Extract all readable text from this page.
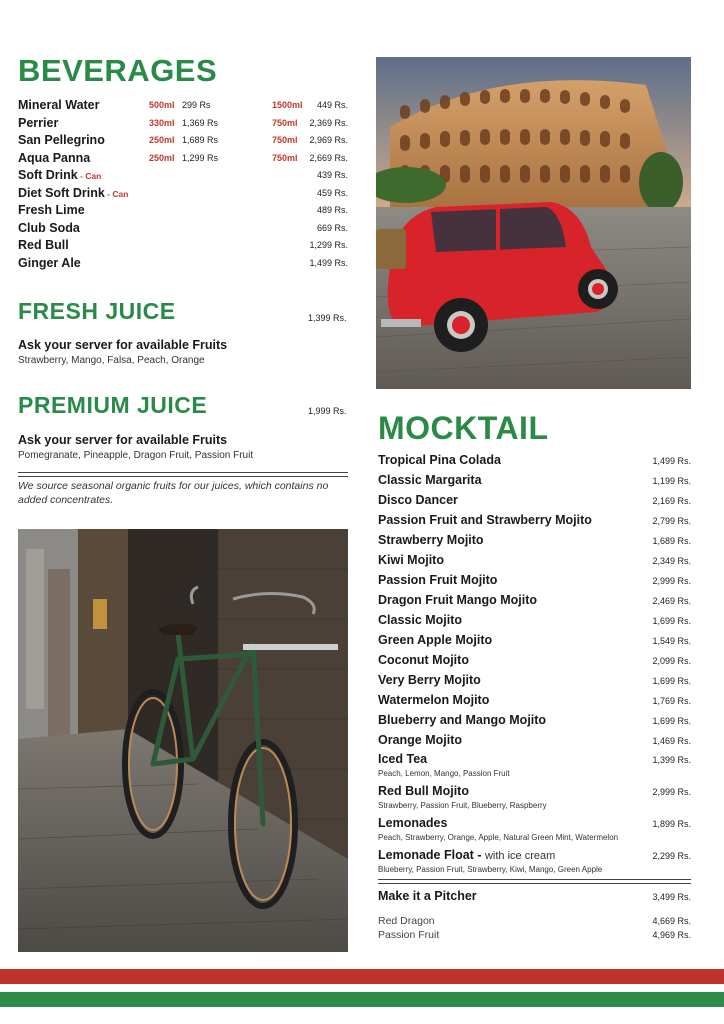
BEVERAGES
FRESH JUICE
PREMIUM JUICE
MOCKTAIL
Mineral Water	500ml 299 Rs	1500ml 449 Rs.
Perrier	330ml 1,369 Rs	750ml 2,369 Rs.
San Pellegrino	250ml 1,689 Rs	750ml 2,969 Rs.
Aqua Panna	250ml 1,299 Rs	750ml 2,669 Rs.
Soft Drink - Can	439 Rs.
Diet Soft Drink - Can	459 Rs.
Fresh Lime	489 Rs.
Club Soda	669 Rs.
Red Bull	1,299 Rs.
Ginger Ale	1,499 Rs.
1,399 Rs.
Ask your server for available Fruits
Strawberry, Mango, Falsa, Peach, Orange
1,999 Rs.
Ask your server for available Fruits
Pomegranate, Pineapple, Dragon Fruit, Passion Fruit
We source seasonal organic fruits for our juices, which contains no added concentrates.
Tropical Pina Colada	1,499 Rs.
Classic Margarita	1,199 Rs.
Disco Dancer	2,169 Rs.
Passion Fruit and Strawberry Mojito	2,799 Rs.
Strawberry Mojito	1,689 Rs.
Kiwi Mojito	2,349 Rs.
Passion Fruit Mojito	2,999 Rs.
Dragon Fruit Mango Mojito	2,469 Rs.
Classic Mojito	1,699 Rs.
Green Apple Mojito	1,549 Rs.
Coconut Mojito	2,099 Rs.
Very Berry Mojito	1,699 Rs.
Watermelon Mojito	1,769 Rs.
Blueberry and Mango Mojito	1,699 Rs.
Orange Mojito	1,469 Rs.
Iced Tea	1,399 Rs.
Peach, Lemon, Mango, Passion Fruit
Red Bull Mojito	2,999 Rs.
Strawberry, Passion Fruit, Blueberry, Raspberry
Lemonades	1,899 Rs.
Peach, Strawberry, Orange, Apple, Natural Green Mint, Watermelon
Lemonade Float - with ice cream	2,299 Rs.
Blueberry, Passion Fruit, Strawberry, Kiwi, Mango, Green Apple
Make it a Pitcher	3,499 Rs.
Red Dragon	4,669 Rs.
Passion Fruit	4,969 Rs.
